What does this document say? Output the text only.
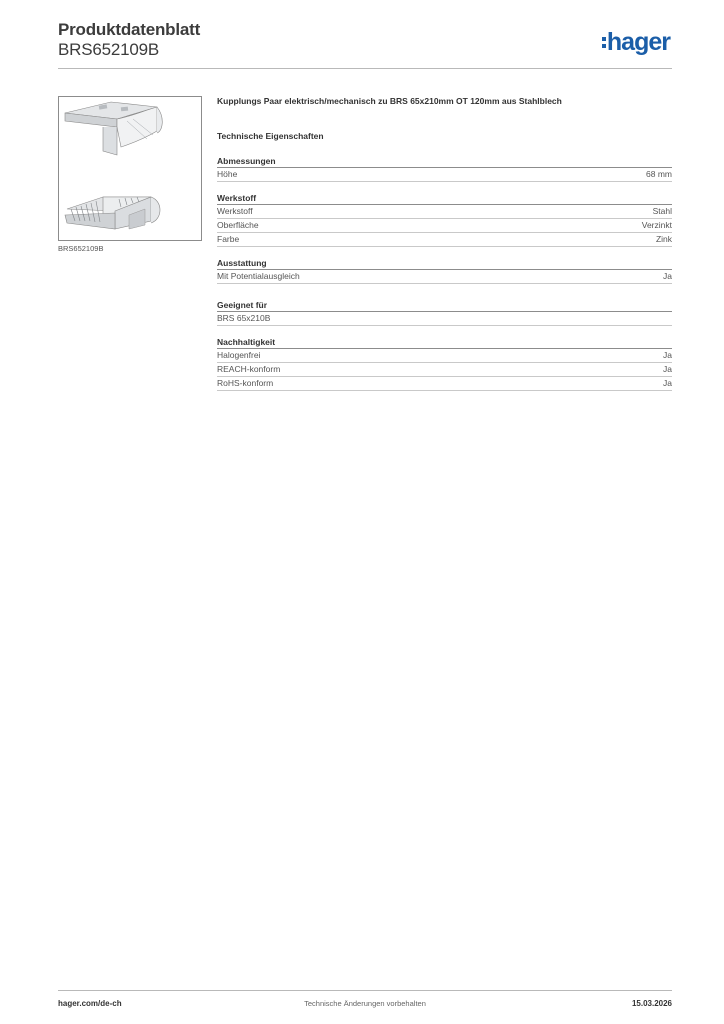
Produktdatenblatt
BRS652109B	hager
BRS652109B
Kupplungs Paar elektrisch/mechanisch zu BRS 65x210mm OT 120mm aus Stahlblech
Technische Eigenschaften
Abmessungen
Höhe	68 mm
Werkstoff
Werkstoff	Stahl
Oberfläche	Verzinkt
Farbe	Zink
Ausstattung
Mit Potentialausgleich	Ja
Geeignet für
BRS 65x210B
Nachhaltigkeit
Halogenfrei	Ja
REACH-konform	Ja
RoHS-konform	Ja
hager.com/de-ch	Technische Änderungen vorbehalten	15.03.2026
